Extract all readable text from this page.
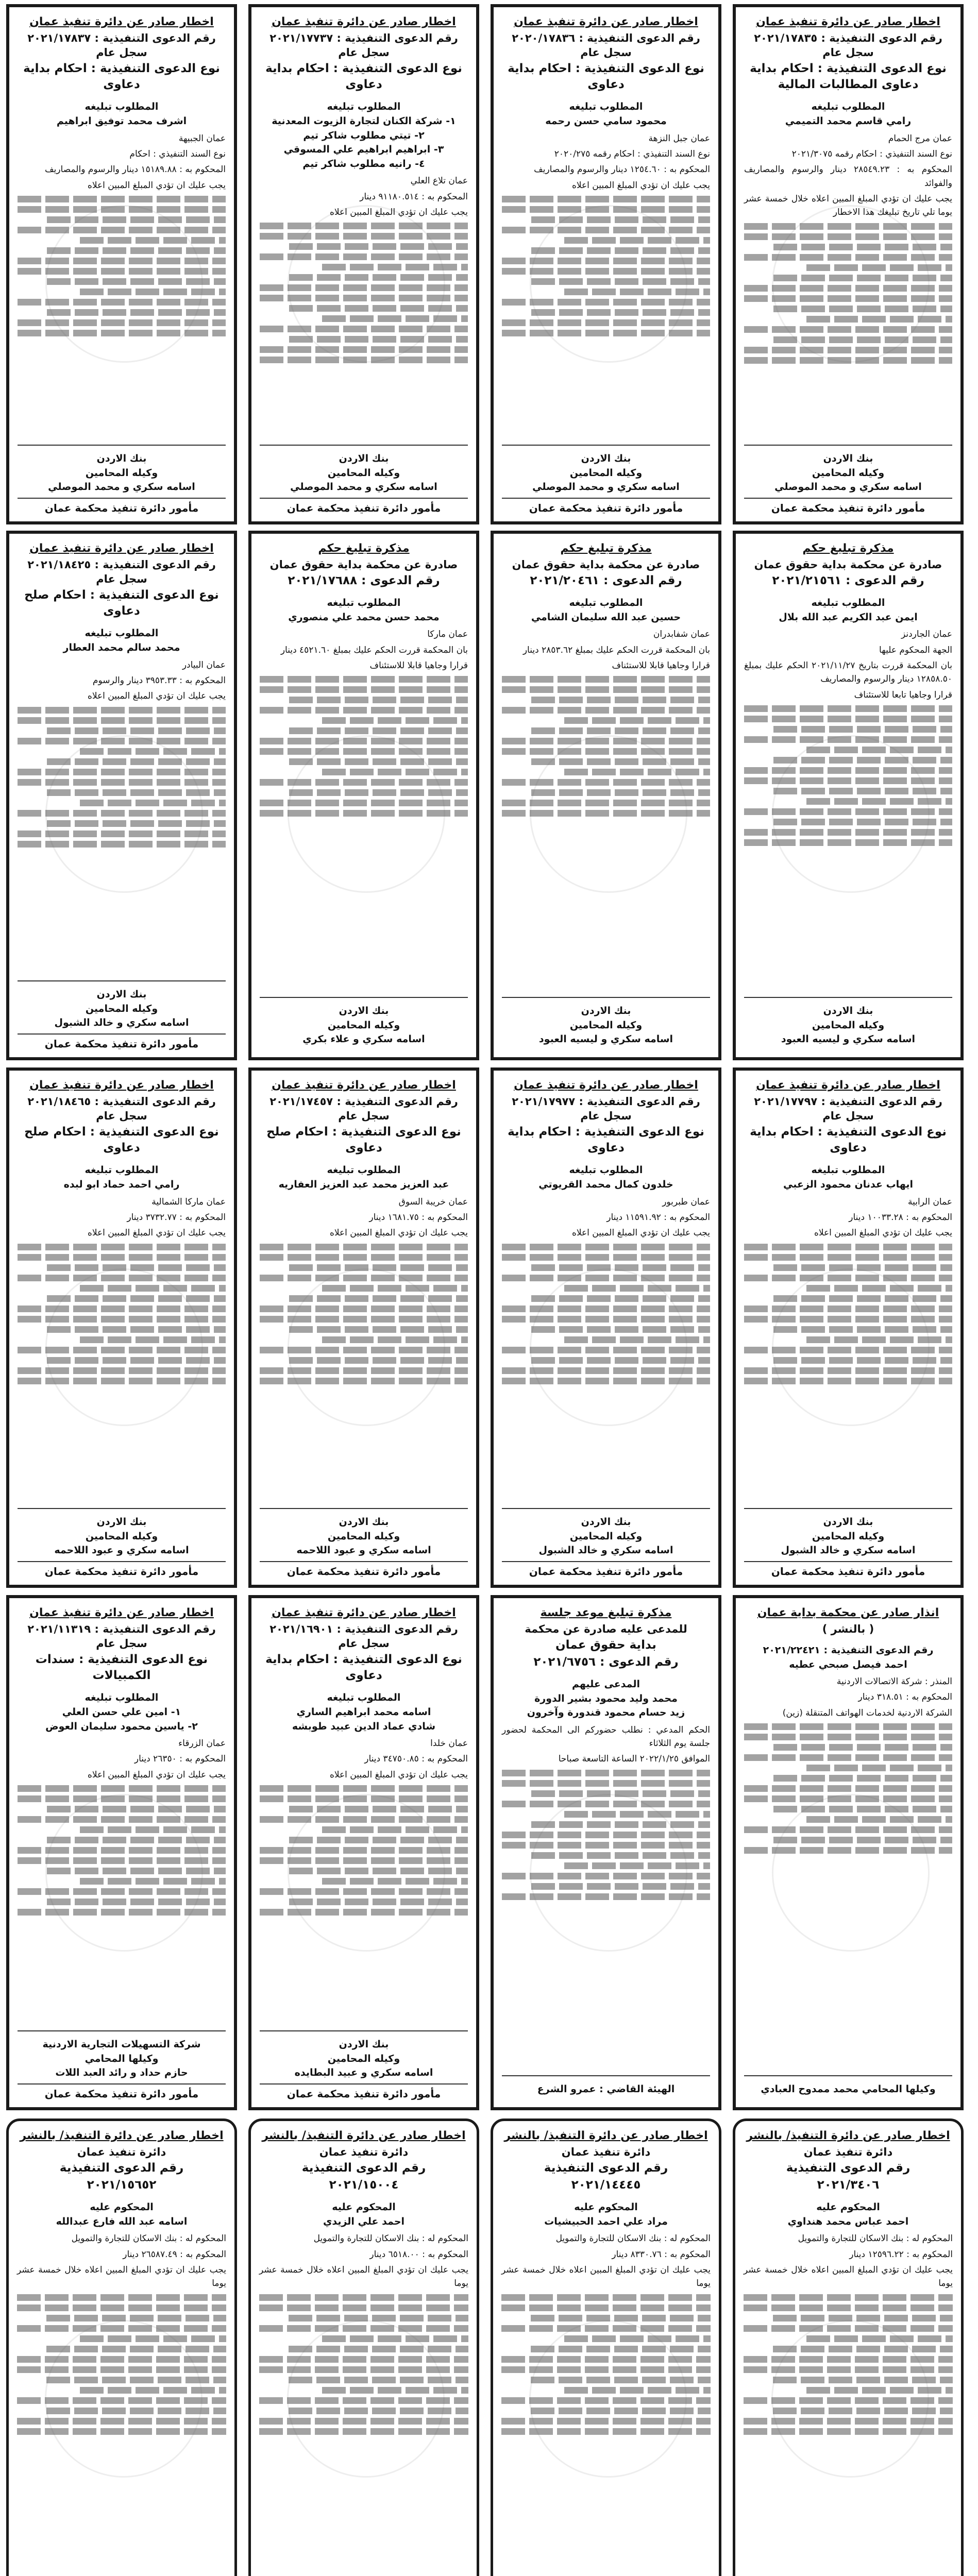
اخطار صادر عن دائرة تنفيذ عمان
رقم الدعوى التنفيذية : ٢٠٢١/١٧٨٣٥ سجل عام
نوع الدعوى التنفيذية : احكام بداية دعاوى المطالبات المالية
المطلوب تبليغه
رامي قاسم محمد التميمي

عمان مرج الحمام

نوع السند التنفيذي : احكام رقمه ٢٠٢١/٣٠٧٥

المحكوم به : ٢٨٥٤٩.٢٣ دينار والرسوم والمصاريف والفوائد

يجب عليك ان تؤدي المبلغ المبين اعلاه خلال خمسة عشر يوما تلي تاريخ تبليغك هذا الاخطار

بنك الاردن
وكيله المحامين
اسامه سكري و محمد الموصلي
مأمور دائرة تنفيذ محكمة عمان
اخطار صادر عن دائرة تنفيذ عمان
رقم الدعوى التنفيذية : ٢٠٢٠/١٧٨٣٦ سجل عام
نوع الدعوى التنفيذية : احكام بداية دعاوى
المطلوب تبليغه
محمود سامي حسن رحمه

عمان جبل النزهة

نوع السند التنفيذي : احكام رقمه ٢٠٢٠/٢٧٥

المحكوم به : ١٢٥٤.٦٠ دينار والرسوم والمصاريف

يجب عليك ان تؤدي المبلغ المبين اعلاه

بنك الاردن
وكيله المحامين
اسامه سكري و محمد الموصلي
مأمور دائرة تنفيذ محكمة عمان
اخطار صادر عن دائرة تنفيذ عمان
رقم الدعوى التنفيذية : ٢٠٢١/١٧٧٣٧ سجل عام
نوع الدعوى التنفيذية : احكام بداية دعاوى
المطلوب تبليغه
١- شركة الكنان لتجارة الزيوت المعدنية
٢- تيتي مطلوب شاكر تيم
٣- ابراهيم ابراهيم علي المسوقي
٤- رانيه مطلوب شاكر تيم

عمان تلاع العلي

المحكوم به : ٩١١٨٠.٥١٤ دينار

يجب عليك ان تؤدي المبلغ المبين اعلاه

بنك الاردن
وكيله المحامين
اسامه سكري و محمد الموصلي
مأمور دائرة تنفيذ محكمة عمان
اخطار صادر عن دائرة تنفيذ عمان
رقم الدعوى التنفيذية : ٢٠٢١/١٧٨٣٧ سجل عام
نوع الدعوى التنفيذية : احكام بداية دعاوى
المطلوب تبليغه
اشرف محمد توفيق ابراهيم

عمان الجبيهة

نوع السند التنفيذي : احكام

المحكوم به : ١٥١٨٩.٨٨ دينار والرسوم والمصاريف

يجب عليك ان تؤدي المبلغ المبين اعلاه

بنك الاردن
وكيله المحامين
اسامه سكري و محمد الموصلي
مأمور دائرة تنفيذ محكمة عمان
مذكرة تبليغ حكم
صادرة عن محكمة بداية حقوق عمان
رقم الدعوى : ٢٠٢١/٢١٥٦١
المطلوب تبليغه
ايمن عبد الكريم عبد الله بلال

عمان الجاردنز

الجهة المحكوم عليها

بان المحكمة قررت بتاريخ ٢٠٢١/١١/٢٧ الحكم عليك بمبلغ ١٢٨٥٨.٥٠ دينار والرسوم والمصاريف

قرارا وجاهيا تابعا للاستئناف

بنك الاردن
وكيله المحامين
اسامه سكري و ليسيه العبود
مذكرة تبليغ حكم
صادرة عن محكمة بداية حقوق عمان
رقم الدعوى : ٢٠٢١/٢٠٤٦١
المطلوب تبليغه
حسين عبد الله سليمان الشامي

عمان شفابدران

بان المحكمة قررت الحكم عليك بمبلغ ٢٨٥٣.٦٢ دينار

قرارا وجاهيا قابلا للاستئناف

بنك الاردن
وكيله المحامين
اسامه سكري و ليسيه العبود
مذكرة تبليغ حكم
صادرة عن محكمة بداية حقوق عمان
رقم الدعوى : ٢٠٢١/١٧٦٨٨
المطلوب تبليغه
محمد حسن محمد علي منصوري

عمان ماركا

بان المحكمة قررت الحكم عليك بمبلغ ٤٥٢١.٦٠ دينار

قرارا وجاهيا قابلا للاستئناف

بنك الاردن
وكيله المحامين
اسامه سكري و علاء بكري
اخطار صادر عن دائرة تنفيذ عمان
رقم الدعوى التنفيذية : ٢٠٢١/١٨٤٢٥ سجل عام
نوع الدعوى التنفيذية : احكام صلح دعاوى
المطلوب تبليغه
محمد سالم محمد العطار

عمان البيادر

المحكوم به : ٣٩٥٣.٣٣ دينار والرسوم

يجب عليك ان تؤدي المبلغ المبين اعلاه

بنك الاردن
وكيله المحامين
اسامه سكري و خالد الشبول
مأمور دائرة تنفيذ محكمة عمان
اخطار صادر عن دائرة تنفيذ عمان
رقم الدعوى التنفيذية : ٢٠٢١/١٧٧٩٧ سجل عام
نوع الدعوى التنفيذية : احكام بداية دعاوى
المطلوب تبليغه
ايهاب عدنان محمود الزعبي

عمان الرابية

المحكوم به : ١٠٠٣٣.٢٨ دينار

يجب عليك ان تؤدي المبلغ المبين اعلاه

بنك الاردن
وكيله المحامين
اسامه سكري و خالد الشبول
مأمور دائرة تنفيذ محكمة عمان
اخطار صادر عن دائرة تنفيذ عمان
رقم الدعوى التنفيذية : ٢٠٢١/١٧٩٧٧ سجل عام
نوع الدعوى التنفيذية : احكام بداية دعاوى
المطلوب تبليغه
خلدون كمال محمد القريوتي

عمان طبربور

المحكوم به : ١١٥٩١.٩٢ دينار

يجب عليك ان تؤدي المبلغ المبين اعلاه

بنك الاردن
وكيله المحامين
اسامه سكري و خالد الشبول
مأمور دائرة تنفيذ محكمة عمان
اخطار صادر عن دائرة تنفيذ عمان
رقم الدعوى التنفيذية : ٢٠٢١/١٧٤٥٧ سجل عام
نوع الدعوى التنفيذية : احكام صلح دعاوى
المطلوب تبليغه
عبد العزيز محمد عبد العزيز العفاريه

عمان خريبة السوق

المحكوم به : ١٦٨١.٧٥ دينار

يجب عليك ان تؤدي المبلغ المبين اعلاه

بنك الاردن
وكيله المحامين
اسامه سكري و عبود اللاحمه
مأمور دائرة تنفيذ محكمة عمان
اخطار صادر عن دائرة تنفيذ عمان
رقم الدعوى التنفيذية : ٢٠٢١/١٨٤٦٥ سجل عام
نوع الدعوى التنفيذية : احكام صلح دعاوى
المطلوب تبليغه
رامي احمد حماد ابو لبده

عمان ماركا الشمالية

المحكوم به : ٣٧٣٢.٧٧ دينار

يجب عليك ان تؤدي المبلغ المبين اعلاه

بنك الاردن
وكيله المحامين
اسامه سكري و عبود اللاحمه
مأمور دائرة تنفيذ محكمة عمان
انذار صادر عن محكمة بداية عمان
( بالنشر )
رقم الدعوى التنفيذية : ٢٠٢١/٢٢٤٢١
احمد فيصل صبحي عطيه

المنذر : شركة الاتصالات الاردنية

المحكوم به : ٣١٨.٥١ دينار

الشركة الاردنية لخدمات الهواتف المتنقلة (زين)

وكيلها المحامي محمد ممدوح العبادي
مذكرة تبليغ موعد جلسة
للمدعى عليه صادرة عن محكمة
بداية حقوق عمان
رقم الدعوى : ٢٠٢١/٦٧٥٦
المدعى عليهم
محمد وليد محمود بشير الدورة
زيد حسام محمود قندورة وآخرون

الحكم المدعي : نطلب حضوركم الى المحكمة لحضور جلسة يوم الثلاثاء

الموافق ٢٠٢٢/١/٢٥ الساعة التاسعة صباحا

الهيئة القاضي : عمرو الشرع
اخطار صادر عن دائرة تنفيذ عمان
رقم الدعوى التنفيذية : ٢٠٢١/١٦٩٠١ سجل عام
نوع الدعوى التنفيذية : احكام بداية دعاوى
المطلوب تبليغه
اسامه محمد ابراهيم الساري
شادي عماد الدين عبيد طوبشه

عمان خلدا

المحكوم به : ٣٤٧٥٠.٨٥ دينار

يجب عليك ان تؤدي المبلغ المبين اعلاه

بنك الاردن
وكيله المحامين
اسامه سكري و عبيد البطايده
مأمور دائرة تنفيذ محكمة عمان
اخطار صادر عن دائرة تنفيذ عمان
رقم الدعوى التنفيذية : ٢٠٢١/١١٣١٩ سجل عام
نوع الدعوى التنفيذية : سندات الكمبيالات
المطلوب تبليغه
١- امين علي حسن العلي
٢- ياسين محمود سليمان العوض

عمان الزرقاء

المحكوم به : ٢٦٣٥٠ دينار

يجب عليك ان تؤدي المبلغ المبين اعلاه

شركة التسهيلات التجارية الاردنية
وكيلها المحامي
حازم حداد و رائد العبد اللات
مأمور دائرة تنفيذ محكمة عمان
اخطار صادر عن دائرة التنفيذ/ بالنشر
دائرة تنفيذ عمان
رقم الدعوى التنفيذية
٢٠٢١/٣٤٠٦
المحكوم عليه
احمد عباس محمد هنداوي

المحكوم له : بنك الاسكان للتجارة والتمويل

المحكوم به : ١٢٥٩٦.٢٢ دينار

يجب عليك ان تؤدي المبلغ المبين اعلاه خلال خمسة عشر يوما

اخطار صادر عن دائرة التنفيذ/ بالنشر
دائرة تنفيذ عمان
رقم الدعوى التنفيذية
٢٠٢١/١٤٤٤٥
المحكوم عليه
مراد علي احمد الحبيشيات

المحكوم له : بنك الاسكان للتجارة والتمويل

المحكوم به : ٨٣٣٠.٧٦ دينار

يجب عليك ان تؤدي المبلغ المبين اعلاه خلال خمسة عشر يوما

اخطار صادر عن دائرة التنفيذ/ بالنشر
دائرة تنفيذ عمان
رقم الدعوى التنفيذية
٢٠٢١/١٥٠٠٤
المحكوم عليه
احمد علي الزيدي

المحكوم له : بنك الاسكان للتجارة والتمويل

المحكوم به : ٦٥١٨.٠٠ دينار

يجب عليك ان تؤدي المبلغ المبين اعلاه خلال خمسة عشر يوما

اخطار صادر عن دائرة التنفيذ/ بالنشر
دائرة تنفيذ عمان
رقم الدعوى التنفيذية
٢٠٢١/١٥٦٥٢
المحكوم عليه
اسامه عبد الله فارع عبدالله

المحكوم له : بنك الاسكان للتجارة والتمويل

المحكوم به : ٢٦٥٨٧.٤٩ دينار

يجب عليك ان تؤدي المبلغ المبين اعلاه خلال خمسة عشر يوما
